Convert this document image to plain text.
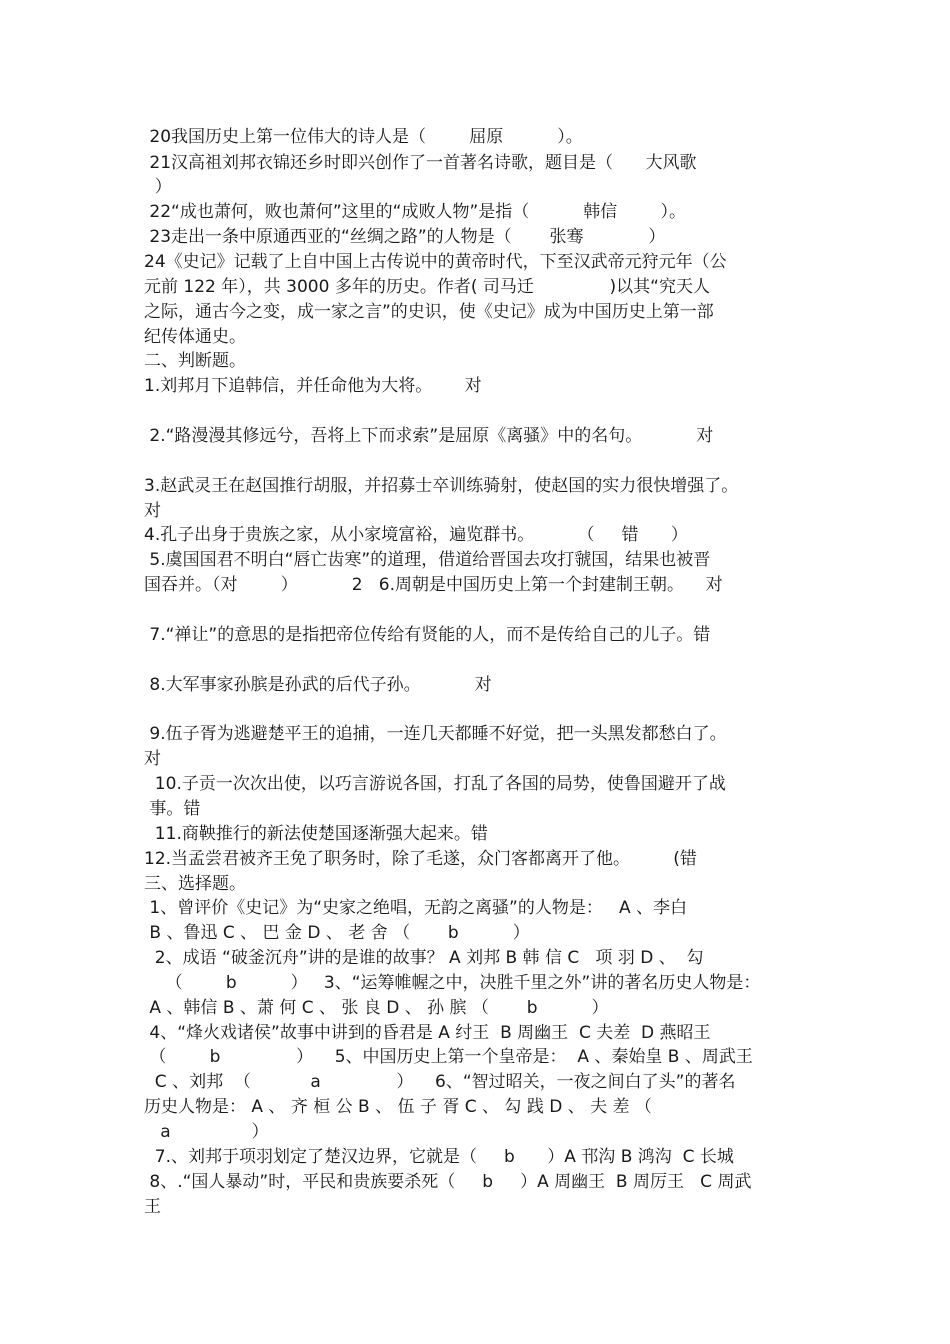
20我国历史上第一位伟大的诗人是（        屈原          ）。
21汉高祖刘邦衣锦还乡时即兴创作了一首著名诗歌，题目是（      大风歌
）
22“成也萧何，败也萧何”这里的“成败人物”是指（          韩信        ）。
23走出一条中原通西亚的“丝绸之路”的人物是（       张骞            ）
24《史记》记载了上自中国上古传说中的黄帝时代，下至汉武帝元狩元年（公
元前 122 年），共 3000 多年的历史。作者( 司马迁              )以其“究天人
之际，通古今之变，成一家之言”的史识，使《史记》成为中国历史上第一部
纪传体通史。
二、判断题。
1.刘邦月下追韩信，并任命他为大将。      对
2.“路漫漫其修远兮，吾将上下而求索”是屈原《离骚》中的名句。          对
3.赵武灵王在赵国推行胡服，并招募士卒训练骑射，使赵国的实力很快增强了。
对
4.孔子出身于贵族之家，从小家境富裕，遍览群书。        （     错      ）
5.虞国国君不明白“唇亡齿寒”的道理，借道给晋国去攻打虢国，结果也被晋
国吞并。（对        ）          2   6.周朝是中国历史上第一个封建制王朝。    对
7.“禅让”的意思的是指把帝位传给有贤能的人，而不是传给自己的儿子。错
8.大军事家孙膑是孙武的后代子孙。          对
9.伍子胥为逃避楚平王的追捕，一连几天都睡不好觉，把一头黑发都愁白了。
对
10.子贡一次次出使，以巧言游说各国，打乱了各国的局势，使鲁国避开了战
事。错
11.商鞅推行的新法使楚国逐渐强大起来。错
12.当孟尝君被齐王免了职务时，除了毛遂，众门客都离开了他。        (错
三、选择题。
1、曾评价《史记》为“史家之绝唱，无韵之离骚”的人物是：   A 、李白
B 、鲁迅 C 、 巴 金 D 、 老 舍 （       b          ）
2、成语 “破釜沉舟”讲的是谁的故事？ A 刘邦 B 韩 信 C   项 羽 D 、  勾
（        b          ）   3、“运筹帷幄之中，决胜千里之外”讲的著名历史人物是：
A 、韩信 B 、萧 何 C 、 张 良 D 、 孙 膑 （       b          ）
4、“烽火戏诸侯”故事中讲到的昏君是 A 纣王  B 周幽王  C 夫差  D 燕昭王
（        b              ）    5、中国历史上第一个皇帝是：  A 、秦始皇 B 、周武王
C 、刘邦  （           a              ）    6、“智过昭关，一夜之间白了头”的著名
历史人物是： A 、 齐 桓 公 B 、 伍 子 胥 C 、 勾 践 D 、 夫 差 （
a               ）
7.、刘邦于项羽划定了楚汉边界，它就是（     b      ）A 邗沟 B 鸿沟  C 长城
8、.“国人暴动”时，平民和贵族要杀死（     b     ）A 周幽王  B 周厉王   C 周武
王
